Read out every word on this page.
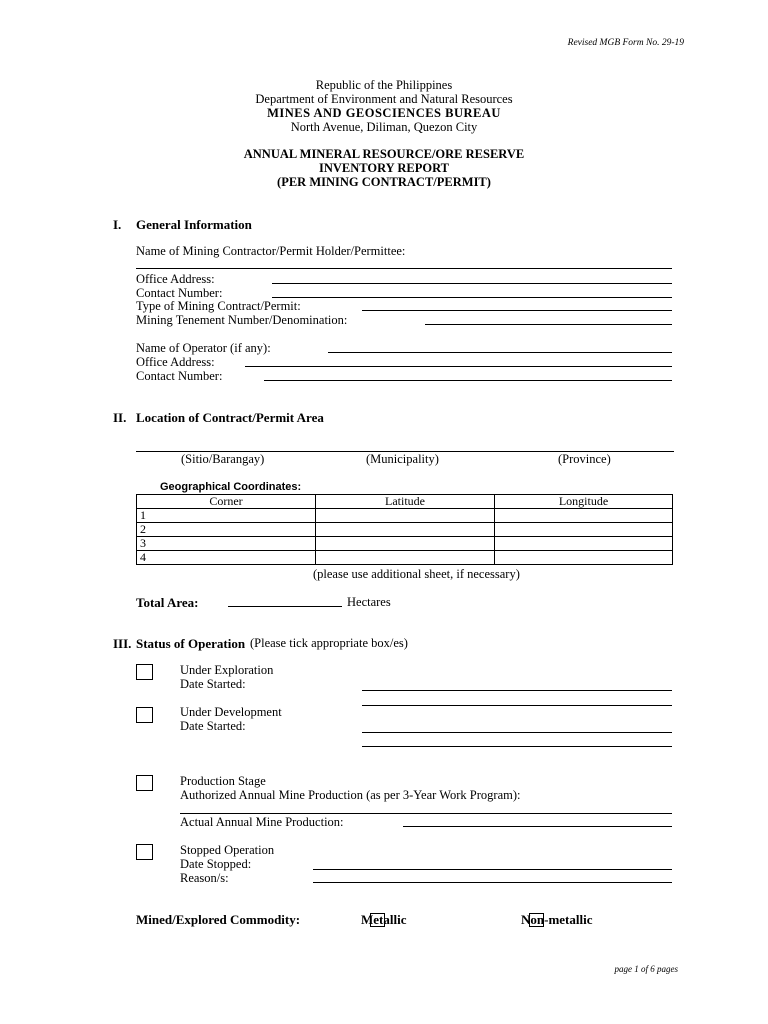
Revised MGB Form No. 29-19
Republic of the Philippines
Department of Environment and Natural Resources
MINES AND GEOSCIENCES BUREAU
North Avenue, Diliman, Quezon City
ANNUAL MINERAL RESOURCE/ORE RESERVE
INVENTORY REPORT
(PER MINING CONTRACT/PERMIT)
I. General Information
Name of Mining Contractor/Permit Holder/Permittee:
Office Address:
Contact Number:
Type of Mining Contract/Permit:
Mining Tenement Number/Denomination:
Name of Operator (if any):
Office Address:
Contact Number:
II. Location of Contract/Permit Area
(Sitio/Barangay)	(Municipality)	(Province)
Geographical Coordinates:
Corner	Latitude	Longitude
1		
2		
3		
4		
(please use additional sheet, if necessary)
Total Area:	Hectares
III. Status of Operation (Please tick appropriate box/es)
Under Exploration
Date Started:
Under Development
Date Started:
Production Stage
Authorized Annual Mine Production (as per 3-Year Work Program):
Actual Annual Mine Production:
Stopped Operation
Date Stopped:
Reason/s:
Mined/Explored Commodity:	Metallic	Non-metallic
page 1 of 6 pages
